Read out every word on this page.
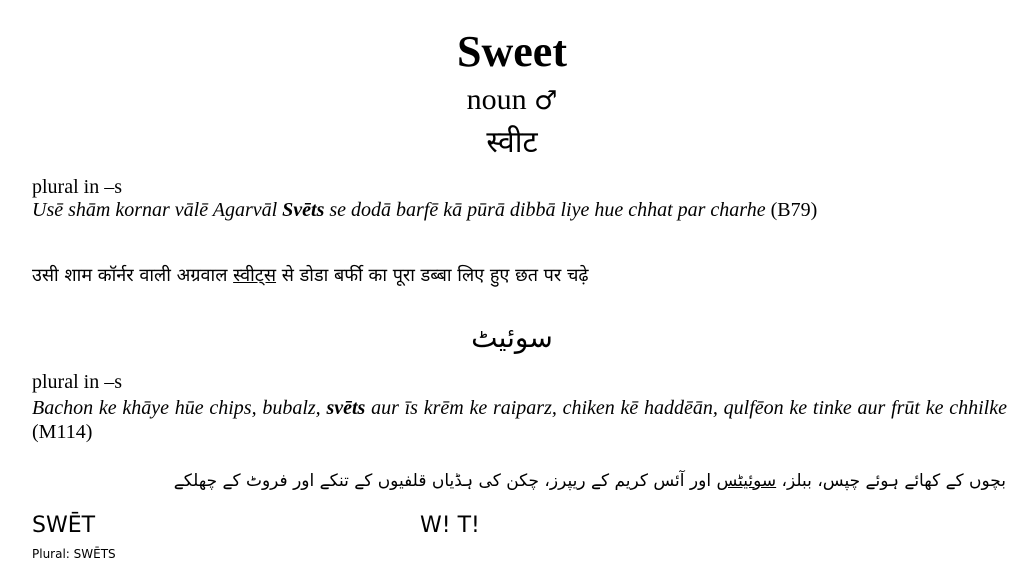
Sweet
noun ♂
स्वीट
plural in –s
Usē shām kornar vālē Agarvāl Svēts se dodā barfē kā pūrā dibbā liye hue chhat par charhe (B79)
उसी शाम कॉर्नर वाली अग्रवाल स्वीट्स से डोडा बर्फी का पूरा डब्बा लिए हुए छत पर चढ़े
سوئیٹ
plural in –s
Bachon ke khāye hūe chips, bubalz, svēts aur īs krēm ke raiparz, chiken kē haddēān, qulfēon ke tinke aur frūt ke chhilke (M114)
بچوں کے کھائے ہوئے چپس، ببلز، سوئیٹس اور آئس کریم کے ریپرز، چکن کی ہڈیاں قلفیوں کے تنکے اور فروٹ کے چھلکے
SWĒT	W! T!
Plural: SWĒTS
